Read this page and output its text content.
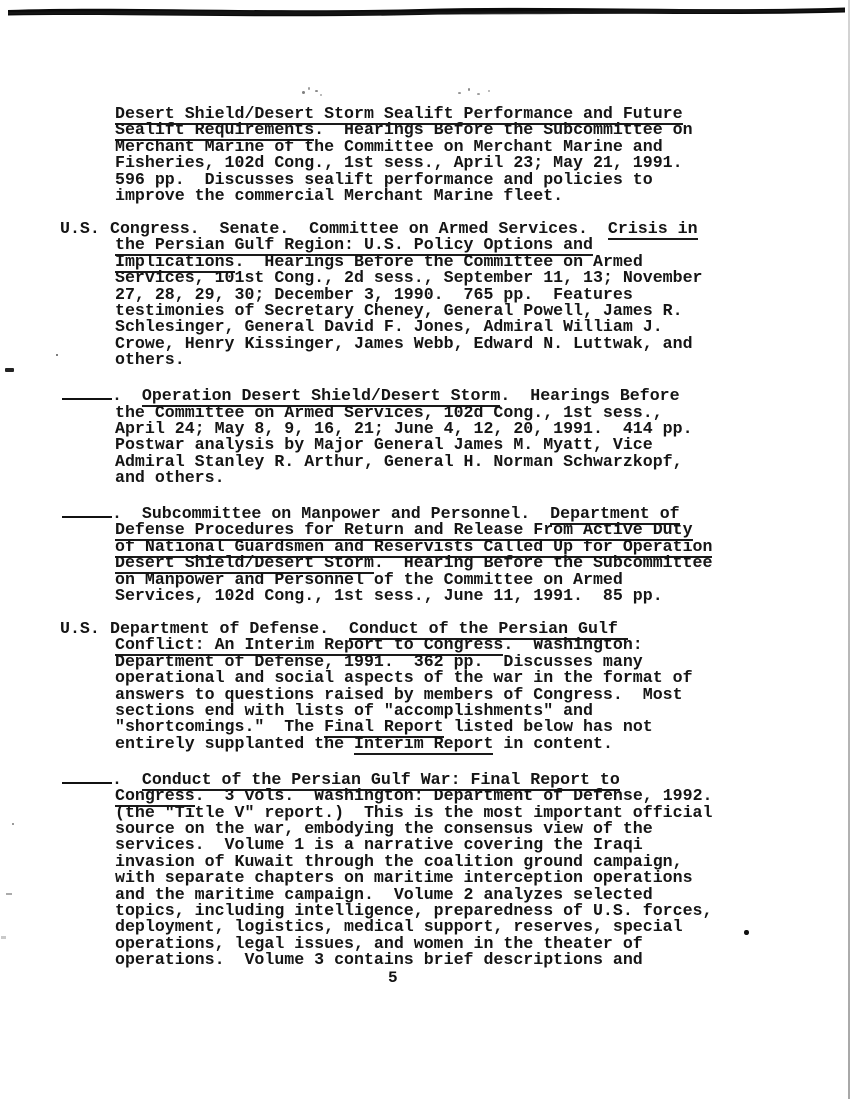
Desert Shield/Desert Storm Sealift Performance and Future
Sealift Requirements.  Hearings Before the Subcommittee on
Merchant Marine of the Committee on Merchant Marine and
Fisheries, 102d Cong., 1st sess., April 23; May 21, 1991.
596 pp.  Discusses sealift performance and policies to
improve the commercial Merchant Marine fleet.
U.S. Congress.  Senate.  Committee on Armed Services.  Crisis in
the Persian Gulf Region: U.S. Policy Options and
Implications.  Hearings Before the Committee on Armed
Services, 101st Cong., 2d sess., September 11, 13; November
27, 28, 29, 30; December 3, 1990.  765 pp.  Features
testimonies of Secretary Cheney, General Powell, James R.
Schlesinger, General David F. Jones, Admiral William J.
Crowe, Henry Kissinger, James Webb, Edward N. Luttwak, and
others.
.  Operation Desert Shield/Desert Storm.  Hearings Before
the Committee on Armed Services, 102d Cong., 1st sess.,
April 24; May 8, 9, 16, 21; June 4, 12, 20, 1991.  414 pp.
Postwar analysis by Major General James M. Myatt, Vice
Admiral Stanley R. Arthur, General H. Norman Schwarzkopf,
and others.
.  Subcommittee on Manpower and Personnel.  Department of
Defense Procedures for Return and Release From Active Duty
of National Guardsmen and Reservists Called Up for Operation
Desert Shield/Desert Storm.  Hearing Before the Subcommittee
on Manpower and Personnel of the Committee on Armed
Services, 102d Cong., 1st sess., June 11, 1991.  85 pp.
U.S. Department of Defense.  Conduct of the Persian Gulf
Conflict: An Interim Report to Congress.  Washington:
Department of Defense, 1991.  362 pp.  Discusses many
operational and social aspects of the war in the format of
answers to questions raised by members of Congress.  Most
sections end with lists of "accomplishments" and
"shortcomings."  The Final Report listed below has not
entirely supplanted the Interim Report in content.
.  Conduct of the Persian Gulf War: Final Report to
Congress.  3 vols.  Washington: Department of Defense, 1992.
(the "Title V" report.)  This is the most important official
source on the war, embodying the consensus view of the
services.  Volume 1 is a narrative covering the Iraqi
invasion of Kuwait through the coalition ground campaign,
with separate chapters on maritime interception operations
and the maritime campaign.  Volume 2 analyzes selected
topics, including intelligence, preparedness of U.S. forces,
deployment, logistics, medical support, reserves, special
operations, legal issues, and women in the theater of
operations.  Volume 3 contains brief descriptions and
5
